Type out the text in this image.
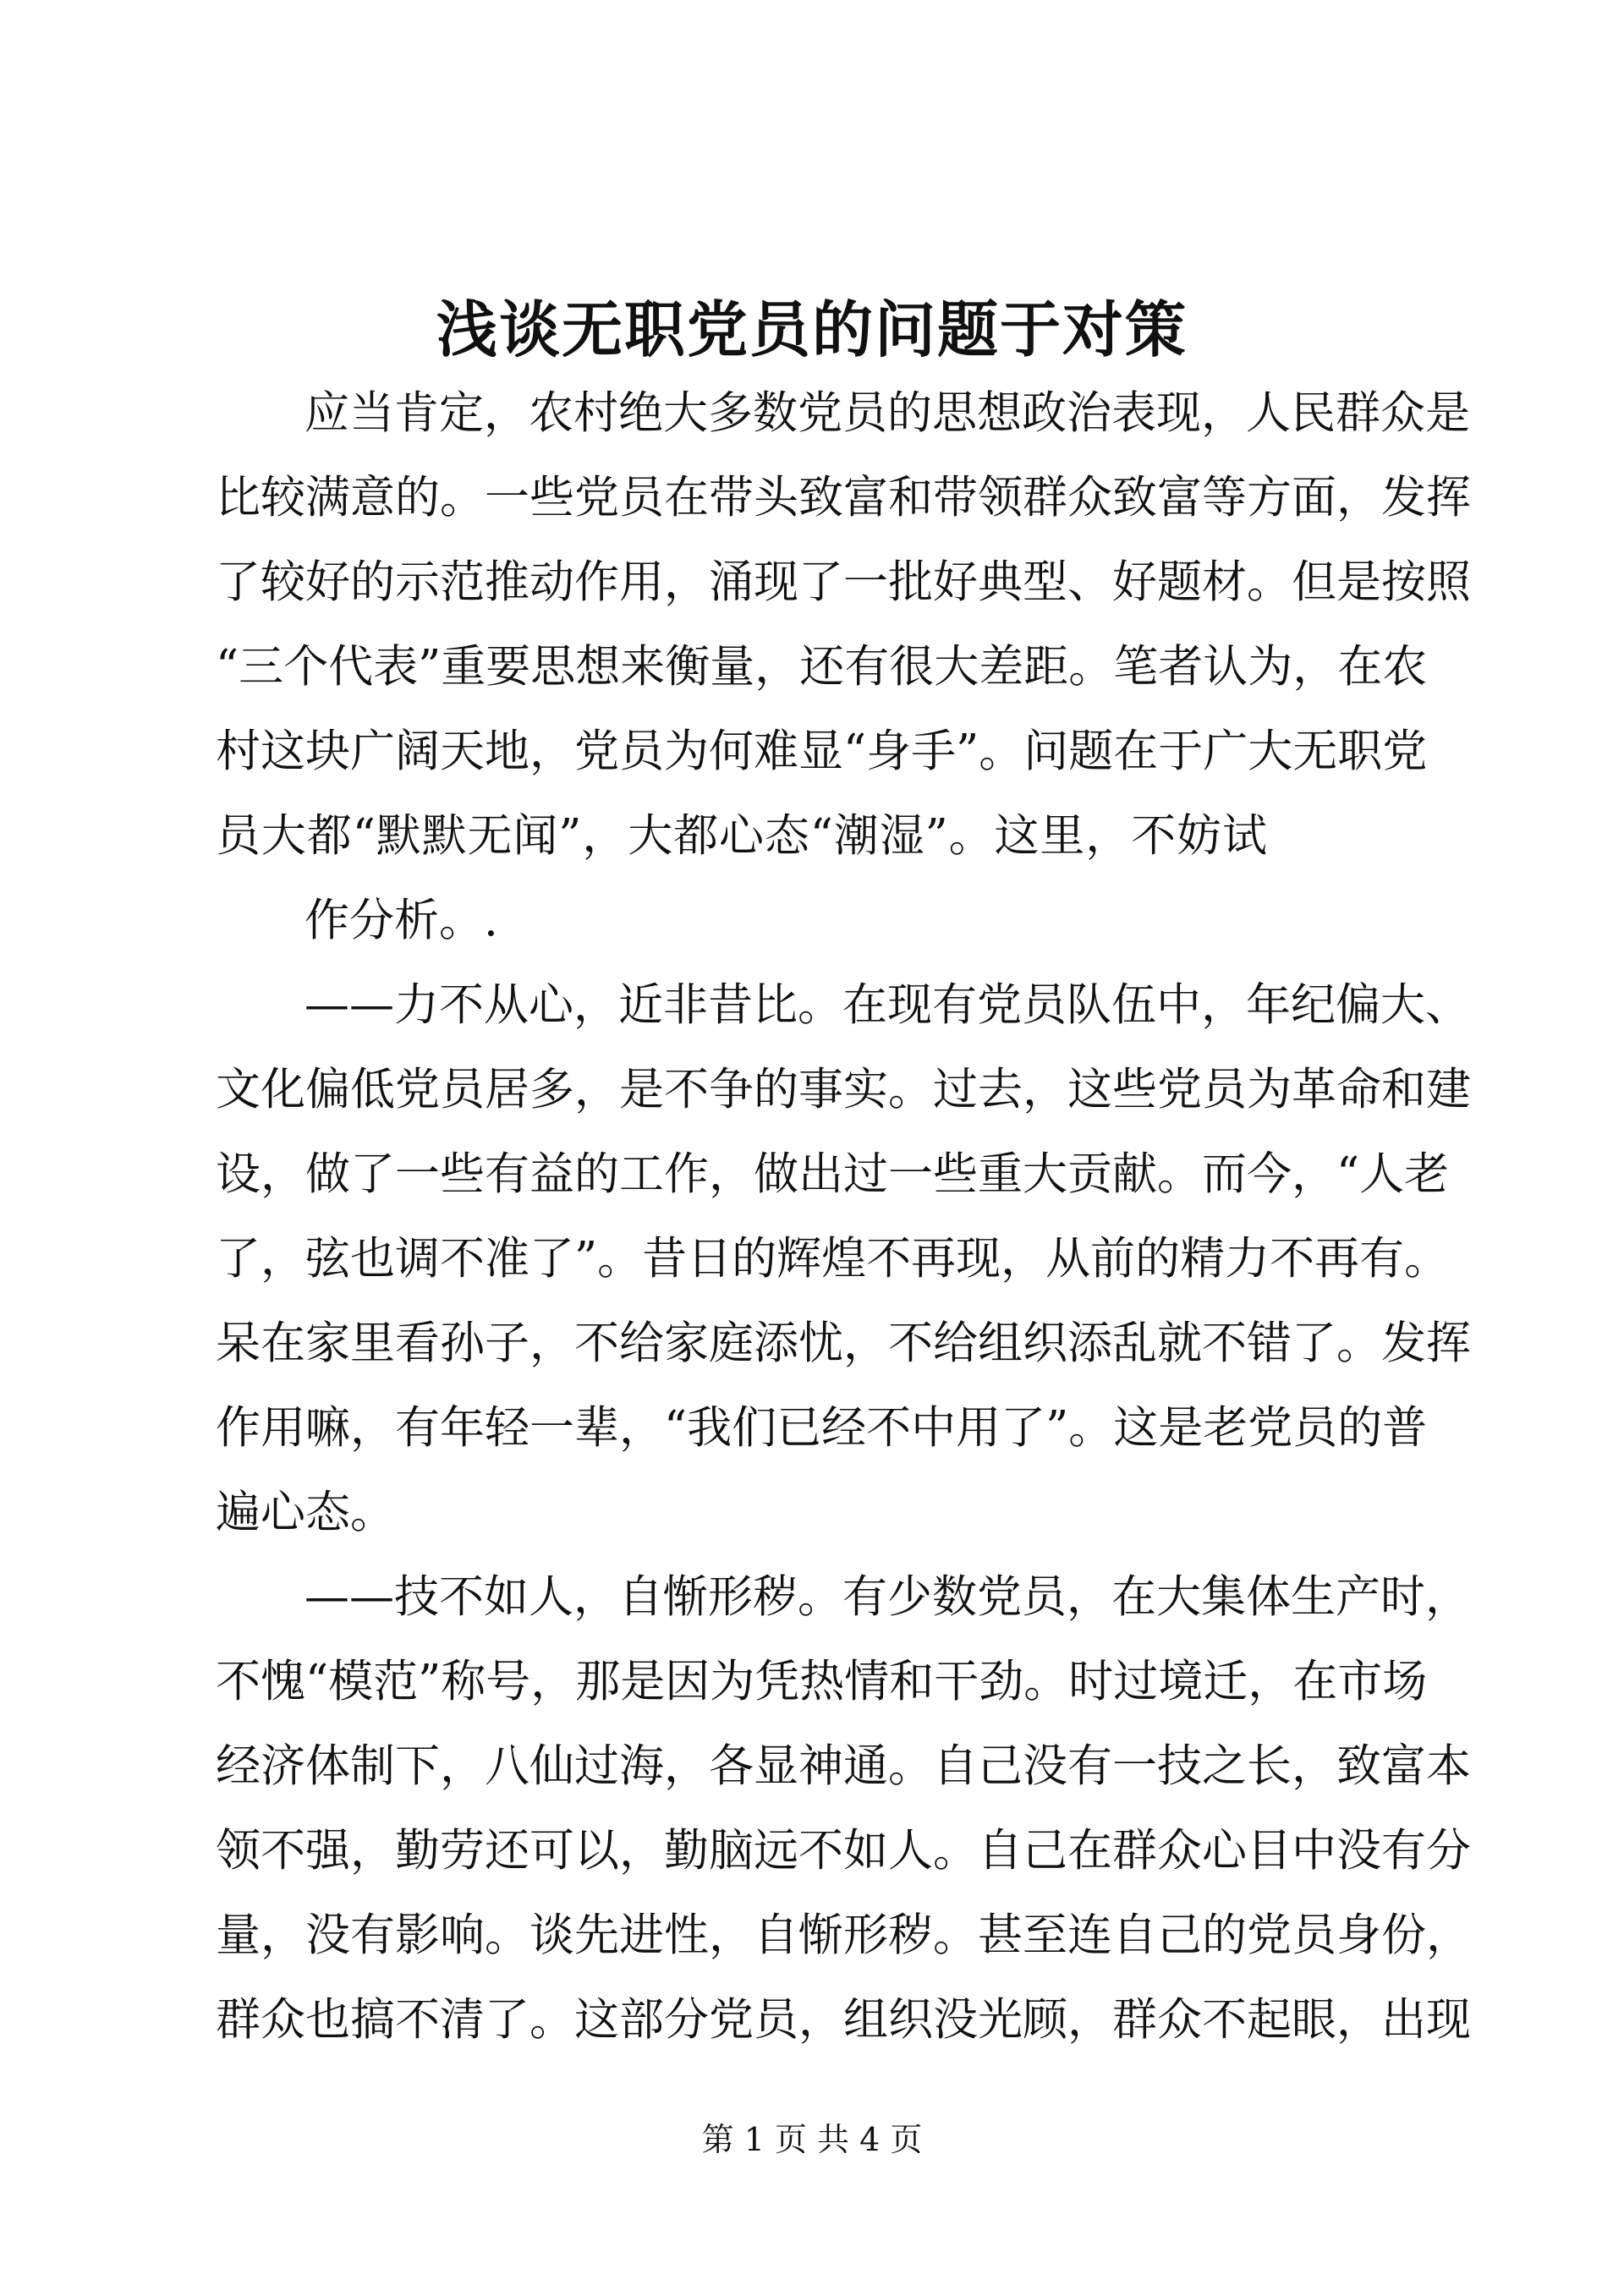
浅谈无职党员的问题于对策
应当肯定，农村绝大多数党员的思想政治表现，人民群众是
比较满意的。一些党员在带头致富和带领群众致富等方面，发挥
了较好的示范推动作用，涌现了一批好典型、好题材。但是按照
“三个代表”重要思想来衡量，还有很大差距。笔者认为，在农
村这块广阔天地，党员为何难显“身手”。问题在于广大无职党
员大都“默默无闻”，大都心态“潮湿”。这里，不妨试
作分析。.
——力不从心，近非昔比。在现有党员队伍中，年纪偏大、
文化偏低党员居多，是不争的事实。过去，这些党员为革命和建
设，做了一些有益的工作，做出过一些重大贡献。而今，“人老
了，弦也调不准了”。昔日的辉煌不再现，从前的精力不再有。
呆在家里看孙子，不给家庭添忧，不给组织添乱就不错了。发挥
作用嘛，有年轻一辈，“我们已经不中用了”。这是老党员的普
遍心态。
——技不如人，自惭形秽。有少数党员，在大集体生产时，
不愧“模范”称号，那是因为凭热情和干劲。时过境迁，在市场
经济体制下，八仙过海，各显神通。自己没有一技之长，致富本
领不强，勤劳还可以，勤脑远不如人。自己在群众心目中没有分
量，没有影响。谈先进性，自惭形秽。甚至连自己的党员身份，
群众也搞不清了。这部分党员，组织没光顾，群众不起眼，出现
第 1 页 共 4 页
